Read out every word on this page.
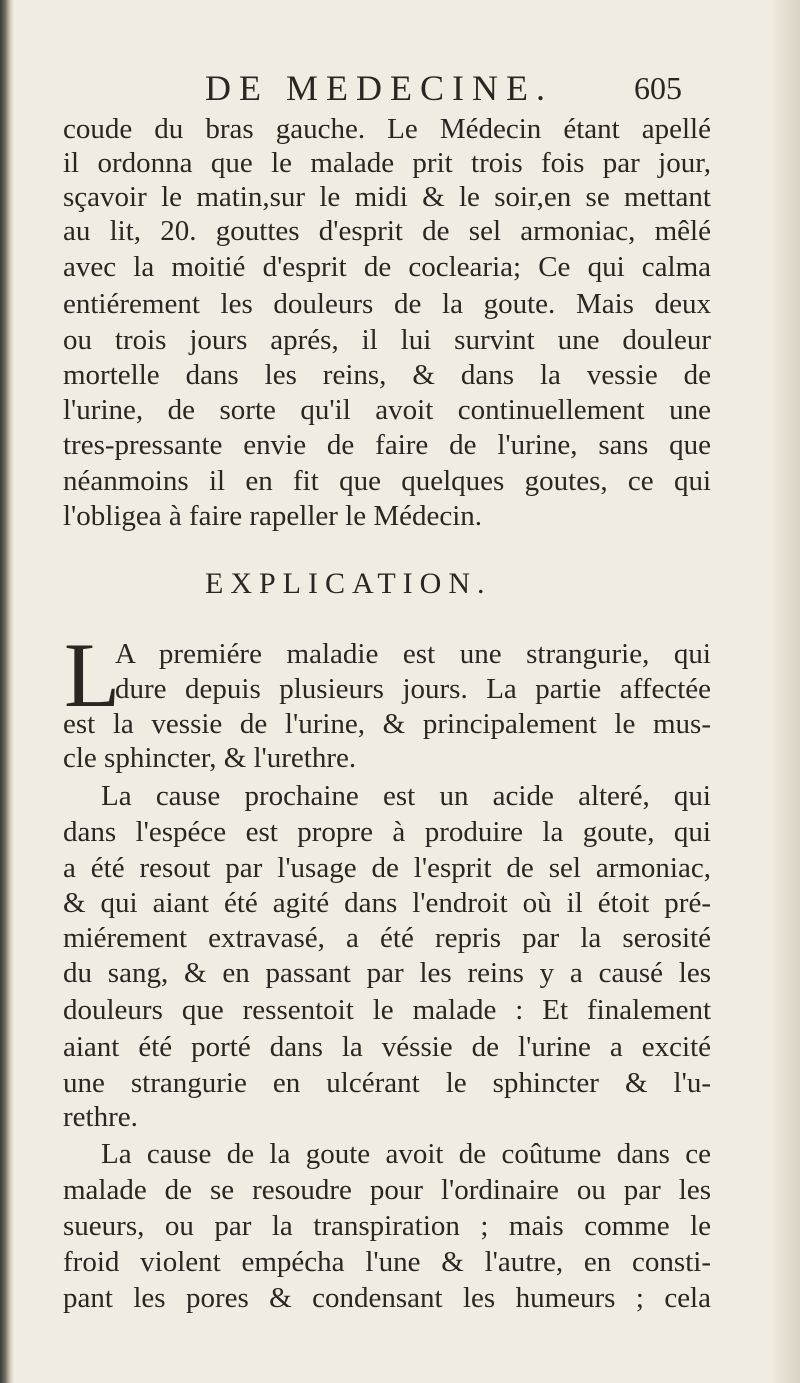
DE MEDECINE.	605
coude du bras gauche. Le Médecin étant apellé
il ordonna que le malade prit trois fois par jour,
sçavoir le matin,sur le midi & le soir,en se mettant
au lit, 20. gouttes d'esprit de sel armoniac, mêlé
avec la moitié d'esprit de coclearia; Ce qui calma
entiérement les douleurs de la goute. Mais deux
ou trois jours aprés, il lui survint une douleur
mortelle dans les reins, & dans la vessie de
l'urine, de sorte qu'il avoit continuellement une
tres-pressante envie de faire de l'urine, sans que
néanmoins il en fit que quelques goutes, ce qui
l'obligea à faire rapeller le Médecin.
EXPLICATION.
L
A premiére maladie est une strangurie, qui
dure depuis plusieurs jours. La partie affectée
est la vessie de l'urine, & principalement le mus-
cle sphincter, & l'urethre.
La cause prochaine est un acide alteré, qui
dans l'espéce est propre à produire la goute, qui
a été resout par l'usage de l'esprit de sel armoniac,
& qui aiant été agité dans l'endroit où il étoit pré-
miérement extravasé, a été repris par la serosité
du sang, & en passant par les reins y a causé les
douleurs que ressentoit le malade : Et finalement
aiant été porté dans la véssie de l'urine a excité
une strangurie en ulcérant le sphincter & l'u-
rethre.
La cause de la goute avoit de coûtume dans ce
malade de se resoudre pour l'ordinaire ou par les
sueurs, ou par la transpiration ; mais comme le
froid violent empécha l'une & l'autre, en consti-
pant les pores & condensant les humeurs ; cela
